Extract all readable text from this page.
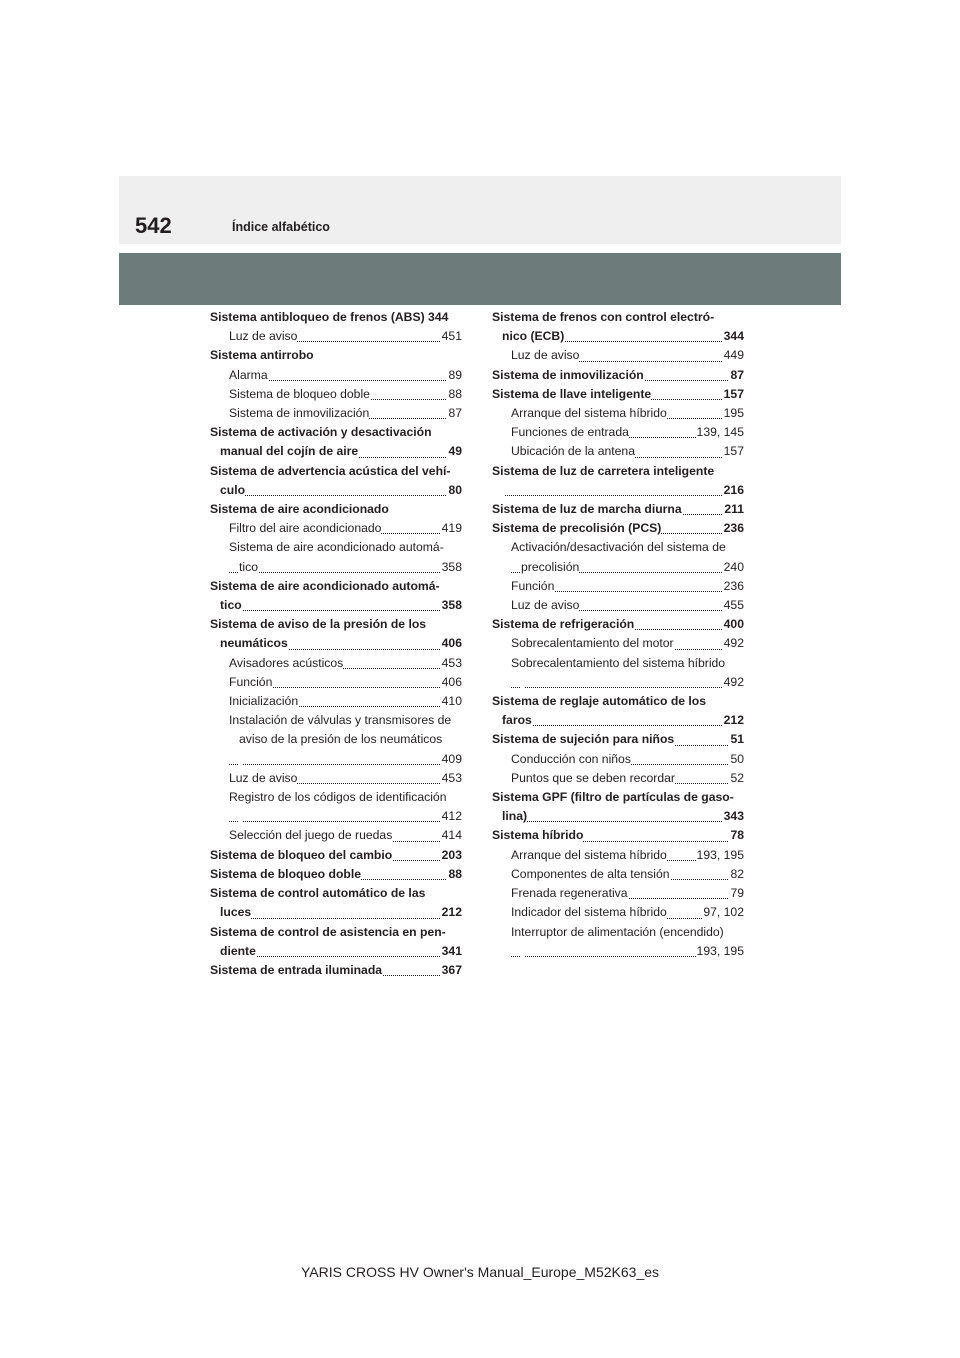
542	Índice alfabético
Sistema antibloqueo de frenos (ABS) 344
451
Luz de aviso
Sistema antirrobo
89
Alarma
88
Sistema de bloqueo doble
87
Sistema de inmovilización
Sistema de activación y desactivación
49
manual del cojín de aire
Sistema de advertencia acústica del vehí-
80
culo
Sistema de aire acondicionado
419
Filtro del aire acondicionado
Sistema de aire acondicionado automá-
358
tico
Sistema de aire acondicionado automá-
358
tico
Sistema de aviso de la presión de los
406
neumáticos
453
Avisadores acústicos
406
Función
410
Inicialización
Instalación de válvulas y transmisores de
aviso de la presión de los neumáticos
409

453
Luz de aviso
Registro de los códigos de identificación
412

414
Selección del juego de ruedas
203
Sistema de bloqueo del cambio
88
Sistema de bloqueo doble
Sistema de control automático de las
212
luces
Sistema de control de asistencia en pen-
341
diente
367
Sistema de entrada iluminada
Sistema de frenos con control electró-
344
nico (ECB)
449
Luz de aviso
87
Sistema de inmovilización
157
Sistema de llave inteligente
195
Arranque del sistema híbrido
139, 145
Funciones de entrada
157
Ubicación de la antena
Sistema de luz de carretera inteligente
216

211
Sistema de luz de marcha diurna
236
Sistema de precolisión (PCS)
Activación/desactivación del sistema de
240
precolisión
236
Función
455
Luz de aviso
400
Sistema de refrigeración
492
Sobrecalentamiento del motor
Sobrecalentamiento del sistema híbrido
492

Sistema de reglaje automático de los
212
faros
51
Sistema de sujeción para niños
50
Conducción con niños
52
Puntos que se deben recordar
Sistema GPF (filtro de partículas de gaso-
343
lina)
78
Sistema híbrido
193, 195
Arranque del sistema híbrido
82
Componentes de alta tensión
79
Frenada regenerativa
97, 102
Indicador del sistema híbrido
Interruptor de alimentación (encendido)
193, 195

YARIS CROSS HV Owner's Manual_Europe_M52K63_es
